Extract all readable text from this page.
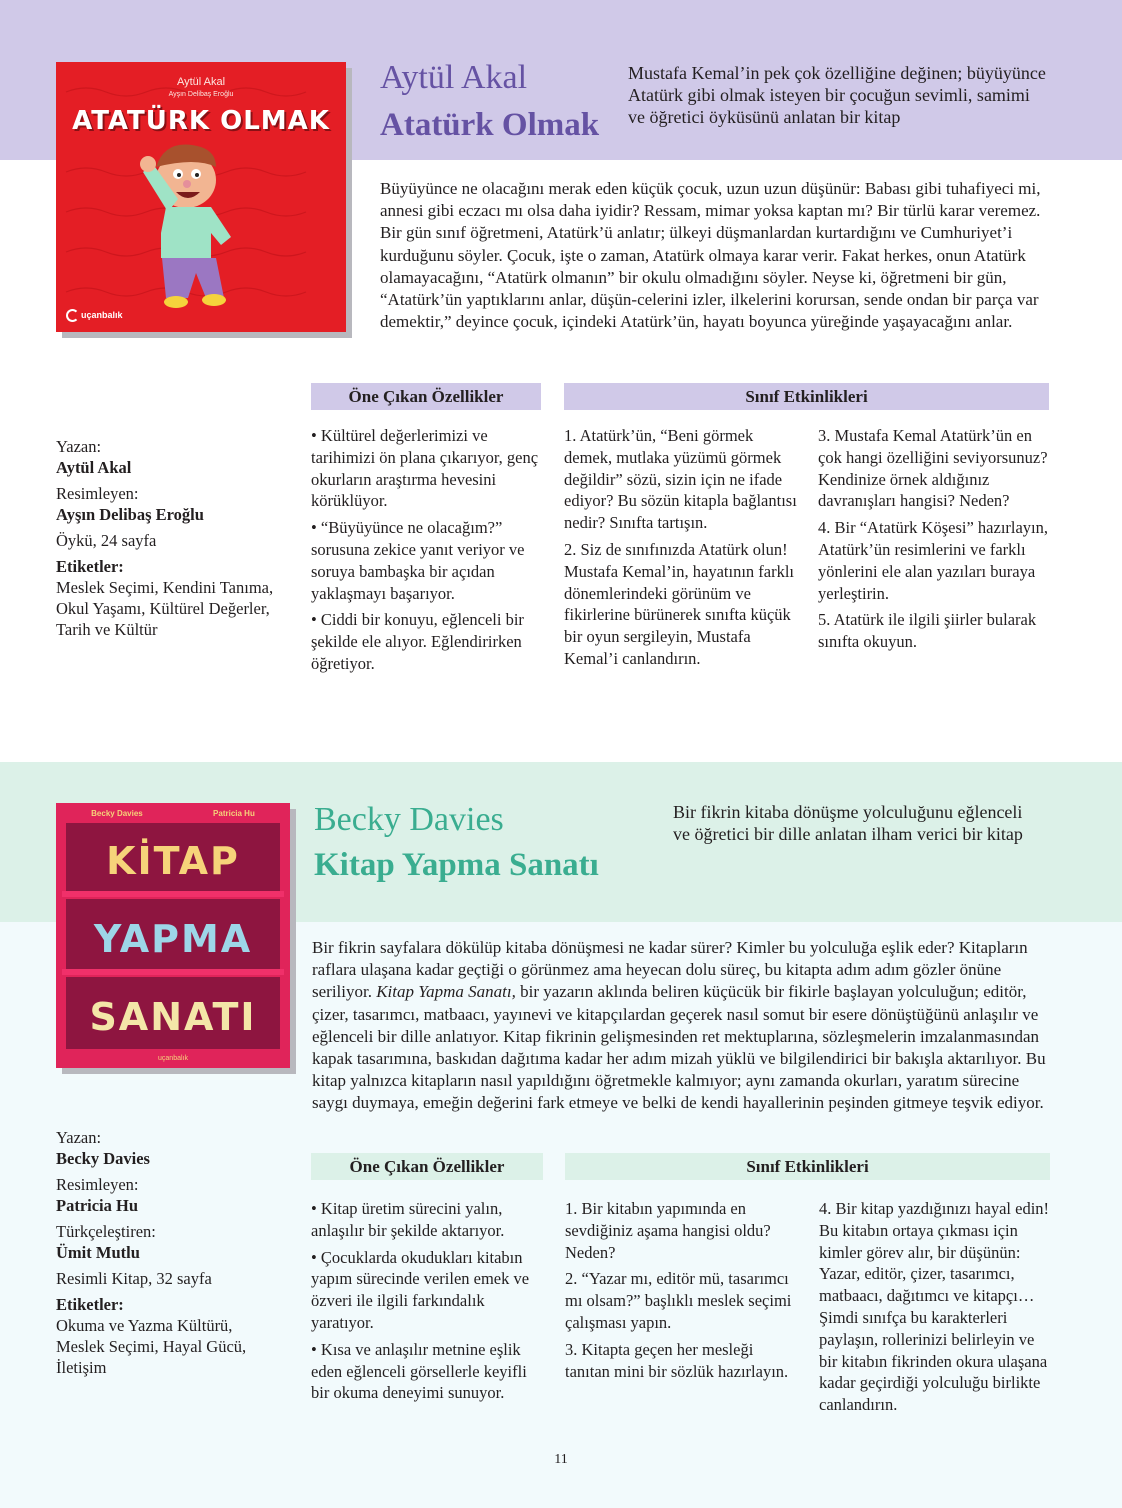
Aytül Akal
Ayşın Delibaş Eroğlu
ATATÜRK OLMAK
uçanbalık
Aytül Akal
Atatürk Olmak
Mustafa Kemal’in pek çok özelliğine değinen; büyüyünce Atatürk gibi olmak isteyen bir çocuğun sevimli, samimi ve öğretici öyküsünü anlatan bir kitap

Büyüyünce ne olacağını merak eden küçük çocuk, uzun uzun düşünür: Babası gibi tuhafiyeci mi, annesi gibi eczacı mı olsa daha iyidir? Ressam, mimar yoksa kaptan mı? Bir türlü karar veremez. Bir gün sınıf öğretmeni, Atatürk’ü anlatır; ülkeyi düşmanlardan kurtardığını ve Cumhuriyet’i kurduğunu söyler. Çocuk, işte o zaman, Atatürk olmaya karar verir. Fakat herkes, onun Atatürk olamayacağını, “Atatürk olmanın” bir okulu olmadığını söyler. Neyse ki, öğretmeni bir gün, “Atatürk’ün yaptıklarını anlar, düşün-celerini izler, ilkelerini korursan, sende ondan bir parça var demektir,” deyince çocuk, içindeki Atatürk’ün, hayatı boyunca yüreğinde yaşayacağını anlar.

Öne Çıkan Özellikler	Sınıf Etkinlikleri
Yazan:
Aytül Akal
Resimleyen:
Ayşın Delibaş Eroğlu
Öykü, 24 sayfa
Etiketler:
Meslek Seçimi, Kendini Tanıma, Okul Yaşamı, Kültürel Değerler, Tarih ve Kültür

• Kültürel değerlerimizi ve tarihimizi ön plana çıkarıyor, genç okurların araştırma hevesini körüklüyor.

• “Büyüyünce ne olacağım?” sorusuna zekice yanıt veriyor ve soruya bambaşka bir açıdan yaklaşmayı başarıyor.

• Ciddi bir konuyu, eğlenceli bir şekilde ele alıyor. Eğlendirirken öğretiyor.

1. Atatürk’ün, “Beni görmek demek, mutlaka yüzümü görmek değildir” sözü, sizin için ne ifade ediyor? Bu sözün kitapla bağlantısı nedir? Sınıfta tartışın.

2. Siz de sınıfınızda Atatürk olun! Mustafa Kemal’in, hayatının farklı dönemlerindeki görünüm ve fikirlerine bürünerek sınıfta küçük bir oyun sergileyin, Mustafa Kemal’i canlandırın.

3. Mustafa Kemal Atatürk’ün en çok hangi özelliğini seviyorsunuz? Kendinize örnek aldığınız davranışları hangisi? Neden?

4. Bir “Atatürk Köşesi” hazırlayın, Atatürk’ün resimlerini ve farklı yönlerini ele alan yazıları buraya yerleştirin.

5. Atatürk ile ilgili şiirler bularak sınıfta okuyun.

Becky Davies	Patricia Hu
KİTAP
YAPMA
SANATI
uçanbalık
Becky Davies
Kitap Yapma Sanatı
Bir fikrin kitaba dönüşme yolculuğunu eğlenceli ve öğretici bir dille anlatan ilham verici bir kitap

Bir fikrin sayfalara dökülüp kitaba dönüşmesi ne kadar sürer? Kimler bu yolculuğa eşlik eder? Kitapların raflara ulaşana kadar geçtiği o görünmez ama heyecan dolu süreç, bu kitapta adım adım gözler önüne seriliyor. Kitap Yapma Sanatı, bir yazarın aklında beliren küçücük bir fikirle başlayan yolculuğun; editör, çizer, tasarımcı, matbaacı, yayınevi ve kitapçılardan geçerek nasıl somut bir esere dönüştüğünü anlaşılır ve eğlenceli bir dille anlatıyor. Kitap fikrinin gelişmesinden ret mektuplarına, sözleşmelerin imzalanmasından kapak tasarımına, baskıdan dağıtıma kadar her adım mizah yüklü ve bilgilendirici bir bakışla aktarılıyor. Bu kitap yalnızca kitapların nasıl yapıldığını öğretmekle kalmıyor; aynı zamanda okurları, yaratım sürecine saygı duymaya, emeğin değerini fark etmeye ve belki de kendi hayallerinin peşinden gitmeye teşvik ediyor.

Öne Çıkan Özellikler	Sınıf Etkinlikleri
Yazan:
Becky Davies
Resimleyen:
Patricia Hu
Türkçeleştiren:
Ümit Mutlu
Resimli Kitap, 32 sayfa
Etiketler:
Okuma ve Yazma Kültürü, Meslek Seçimi, Hayal Gücü, İletişim

• Kitap üretim sürecini yalın, anlaşılır bir şekilde aktarıyor.

• Çocuklarda okudukları kitabın yapım sürecinde verilen emek ve özveri ile ilgili farkındalık yaratıyor.

• Kısa ve anlaşılır metnine eşlik eden eğlenceli görsellerle keyifli bir okuma deneyimi sunuyor.

1. Bir kitabın yapımında en sevdiğiniz aşama hangisi oldu? Neden?

2. “Yazar mı, editör mü, tasarımcı mı olsam?” başlıklı meslek seçimi çalışması yapın.

3. Kitapta geçen her mesleği tanıtan mini bir sözlük hazırlayın.

4. Bir kitap yazdığınızı hayal edin! Bu kitabın ortaya çıkması için kimler görev alır, bir düşünün: Yazar, editör, çizer, tasarımcı, matbaacı, dağıtımcı ve kitapçı… Şimdi sınıfça bu karakterleri paylaşın, rollerinizi belirleyin ve bir kitabın fikrinden okura ulaşana kadar geçirdiği yolculuğu birlikte canlandırın.

11
